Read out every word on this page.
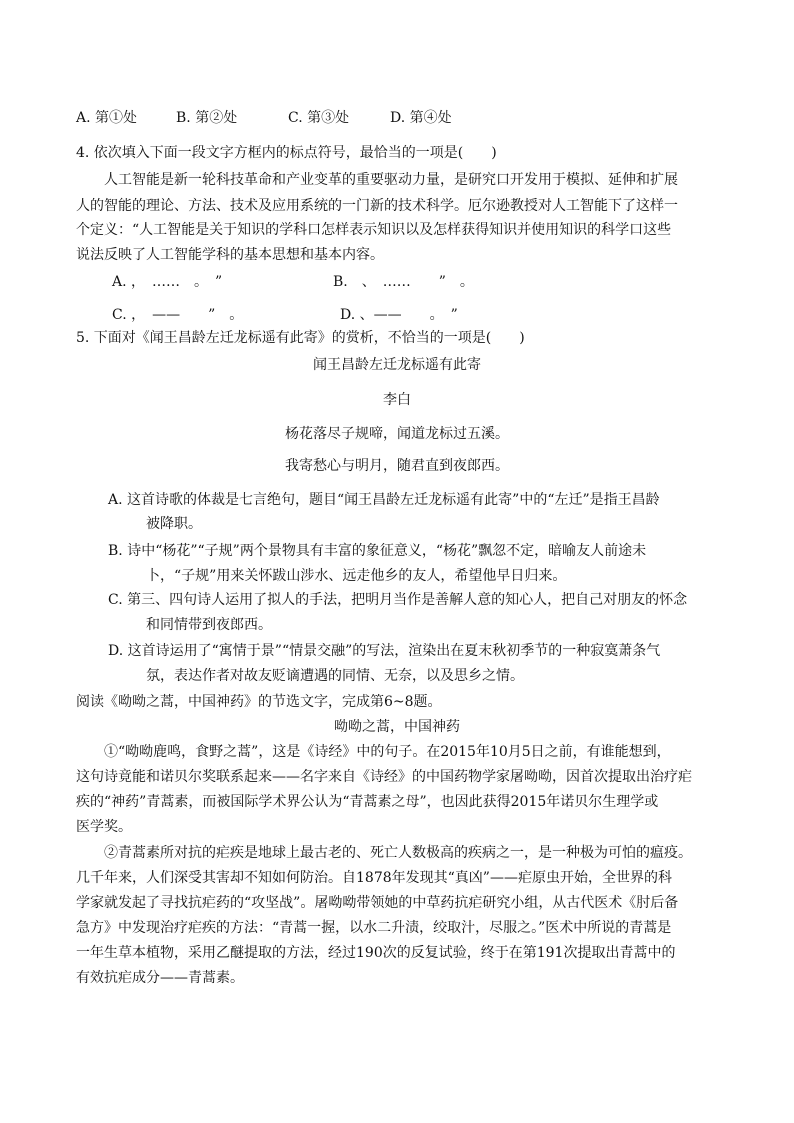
A. 第①处	B. 第②处	C. 第③处	D. 第④处
4. 依次填入下面一段文字方框内的标点符号，最恰当的一项是(　　)
人工智能是新一轮科技革命和产业变革的重要驱动力量，是研究口开发用于模拟、延伸和扩展
人的智能的理论、方法、技术及应用系统的一门新的技术科学。厄尔逊教授对人工智能下了这样一
个定义：“人工智能是关于知识的学科口怎样表示知识以及怎样获得知识并使用知识的科学口这些
说法反映了人工智能学科的基本思想和基本内容。
A. ，　……　。　”	B.　、　……　　”　。
C. ，　——　　”　。	D. 、——　　。　”
5. 下面对《闻王昌龄左迁龙标遥有此寄》的赏析，不恰当的一项是(　　)
闻王昌龄左迁龙标遥有此寄
李白
杨花落尽子规啼，闻道龙标过五溪。
我寄愁心与明月，随君直到夜郎西。
A. 这首诗歌的体裁是七言绝句，题目“闻王昌龄左迁龙标遥有此寄”中的“左迁”是指王昌龄
被降职。
B. 诗中“杨花”“子规”两个景物具有丰富的象征意义，“杨花”飘忽不定，暗喻友人前途未
卜，“子规”用来关怀跋山涉水、远走他乡的友人，希望他早日归来。
C. 第三、四句诗人运用了拟人的手法，把明月当作是善解人意的知心人，把自己对朋友的怀念
和同情带到夜郎西。
D. 这首诗运用了“寓情于景”“情景交融”的写法，渲染出在夏末秋初季节的一种寂寞萧条气
氛，表达作者对故友贬谪遭遇的同情、无奈，以及思乡之情。
阅读《呦呦之蒿，中国神药》的节选文字，完成第6~8题。
呦呦之蒿，中国神药
①“呦呦鹿鸣，食野之蒿”，这是《诗经》中的句子。在2015年10月5日之前，有谁能想到，
这句诗竟能和诺贝尔奖联系起来——名字来自《诗经》的中国药物学家屠呦呦，因首次提取出治疗疟
疾的“神药”青蒿素，而被国际学术界公认为“青蒿素之母”，也因此获得2015年诺贝尔生理学或
医学奖。
②青蒿素所对抗的疟疾是地球上最古老的、死亡人数极高的疾病之一，是一种极为可怕的瘟疫。
几千年来，人们深受其害却不知如何防治。自1878年发现其“真凶”——疟原虫开始，全世界的科
学家就发起了寻找抗疟药的“攻坚战”。屠呦呦带领她的中草药抗疟研究小组，从古代医术《肘后备
急方》中发现治疗疟疾的方法：“青蒿一握，以水二升渍，绞取汁，尽服之。”医术中所说的青蒿是
一年生草本植物，采用乙醚提取的方法，经过190次的反复试验，终于在第191次提取出青蒿中的
有效抗疟成分——青蒿素。
